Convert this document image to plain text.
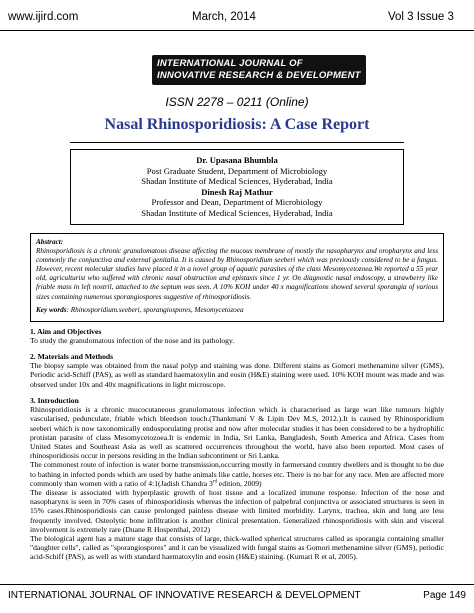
www.ijird.com	March, 2014	Vol 3 Issue 3
INTERNATIONAL JOURNAL OF
INNOVATIVE RESEARCH & DEVELOPMENT
ISSN 2278 – 0211 (Online)
Nasal Rhinosporidiosis: A Case Report
Dr. Upasana Bhumbla
Post Graduate Student, Department of Microbiology
Shadan Institute of Medical Sciences, Hyderabad, India
Dinesh Raj Mathur
Professor and Dean, Department of Microbiology
Shadan Institute of Medical Sciences, Hyderabad, India
Abstract:
Rhinosporidiosis is a chronic granulomatous disease affecting the mucous membrane of mostly the nasopharynx and oropharynx and less commonly the conjunctiva and external genitalia. It is caused by Rhinosporidium seeberi which was previously considered to be a fungus. However, recent molecular studies have placed it in a novel group of aquatic parasites of the class Mesomycetozoea.We reported a 55 year old, agriculturist who suffered with chronic nasal obstruction and epistaxis since 1 yr. On diagnostic nasal endoscopy, a strawberry like friable mass in left nostril, attached to the septum was seen. A 10% KOH under 40 x magnifications showed several sporangia of various sizes containing numerous sporangiospores suggestive of rhinosporidiosis.
Key words: Rhinosporidium.seeberi, sporangiospores, Mesomycetozoea
1. Aim and Objectives
To study the granulomatous infection of the nose and its pathology.
2. Materials and Methods
The biopsy sample was obtained from the nasal polyp and staining was done. Different stains as Gomori methenamine silver (GMS), Periodic acid-Schiff (PAS), as well as standard haematoxylin and eosin (H&E) staining were used. 10% KOH mount was made and was observed under 10x and 40x magnifications in light microscope.
3. Introduction
Rhinosporidiosis is a chronic mucocutaneous granulomatous infection which is characterised as large wart like tumours highly vascularised, pedunculate, friable which bleedson touch.(Thankmani V & Lipin Dev M.S, 2012.).It is caused by Rhinosporidium seeberi which is now taxonomically endosporulating protist and now after molecular studies it has been considered to be a hydrophilic protistan parasite of class Mesomycetozoea.It is endemic in India, Sri Lanka, Bangladesh, South America and Africa. Cases from United States and Southeast Asia as well as scattered occurrences throughout the world, have also been reported. Most cases of rhinosporidiosis occur in persons residing in the Indian subcontinent or Sri Lanka.
The commonest route of infection is water borne transmission,occurring mostly in farmersand country dwellers and is thought to be due to bathing in infected ponds which are used by bathe animals like cattle, horses etc. There is no bar for any race. Men are affected more commonly than women with a ratio of 4:1(Jadish Chandra 3rd edition, 2009)
The disease is associated with hyperplastic growth of host tissue and a localized immune response. Infection of the nose and nasopharynx is seen in 70% cases of rhinosporidiosis whereas the infection of palpebral conjunctiva or associated structures is seen in 15% cases.Rhinosporidiosis can cause prolonged painless disease with limited morbidity. Larynx, trachea, skin and lung are less frequently involved. Osteolytic bone infiltration is another clinical presentation. Generalized rhinosporidiosis with skin and visceral involvement is extremely rare (Duane R Hospenthal, 2012)
The biological agent has a mature stage that consists of large, thick-walled spherical structures called as sporangia containing smaller "daughter cells", called as "sporangiospores" and it can be visualized with fungal stains as Gomori methenamine silver (GMS), periodic acid-Schiff (PAS), as well as with standard haematoxylin and eosin (H&E) staining. (Kumari R et al, 2005).
INTERNATIONAL JOURNAL OF INNOVATIVE RESEARCH & DEVELOPMENT	Page 149
